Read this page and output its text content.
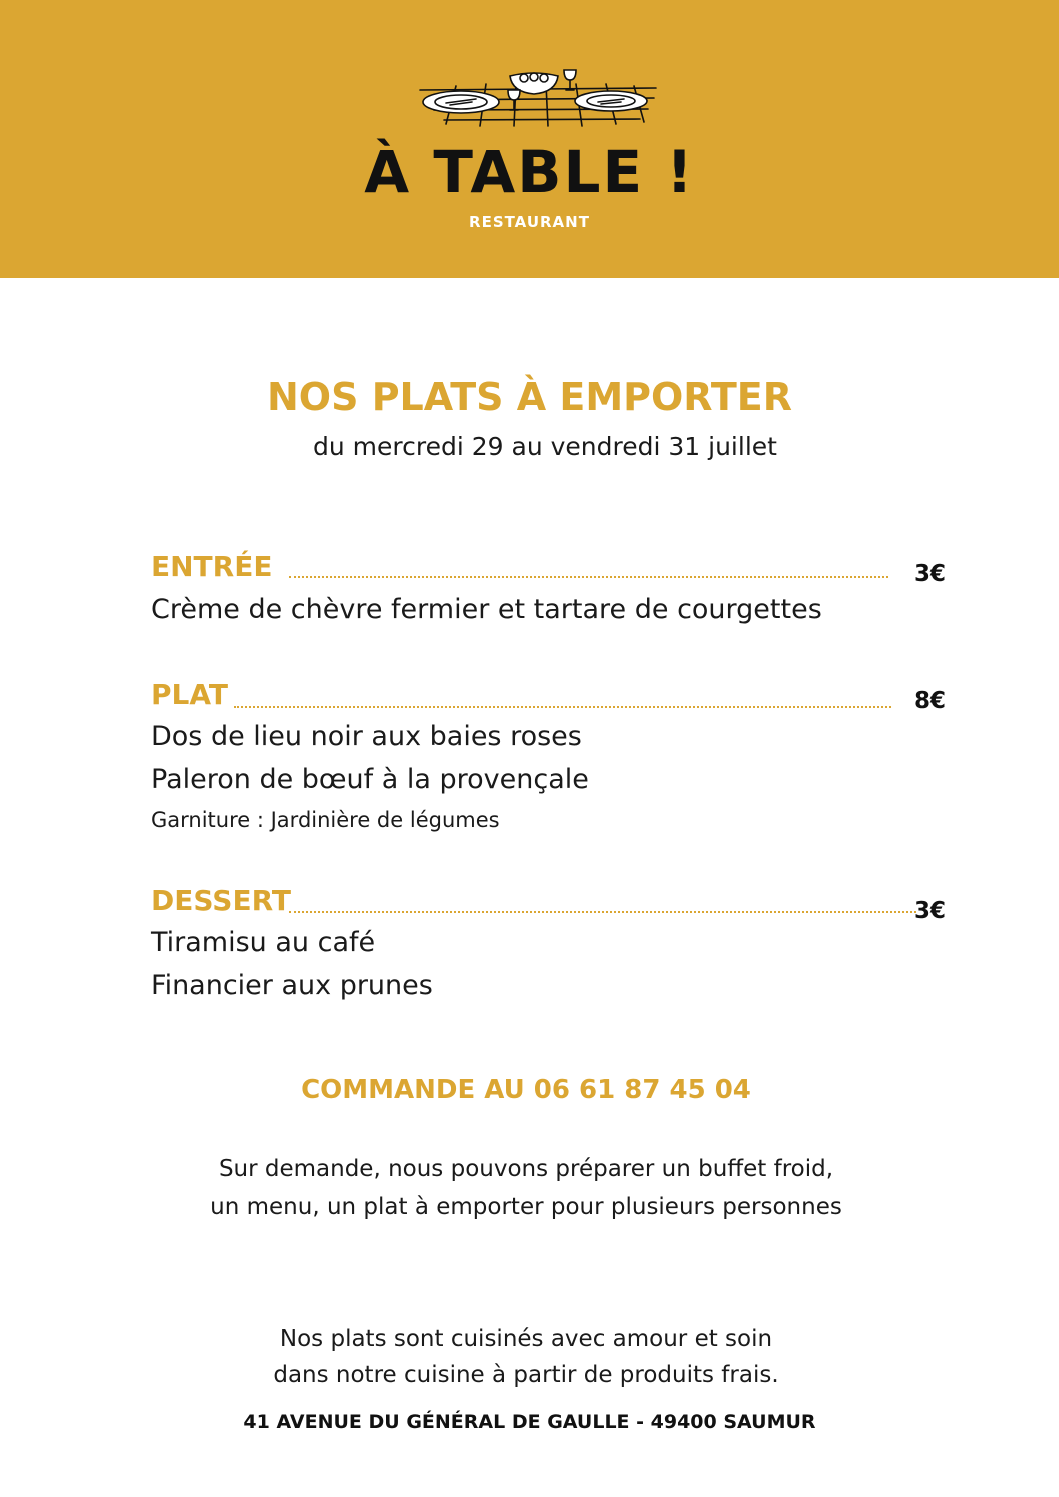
À TABLE !
RESTAURANT
NOS PLATS À EMPORTER
du mercredi 29 au vendredi 31 juillet
ENTRÉE	3€
Crème de chèvre fermier et tartare de courgettes
PLAT	8€
Dos de lieu noir aux baies roses
Paleron de bœuf à la provençale
Garniture : Jardinière de légumes
DESSERT	3€
Tiramisu au café
Financier aux prunes
COMMANDE AU 06 61 87 45 04
Sur demande, nous pouvons préparer un buffet froid,
un menu, un plat à emporter pour plusieurs personnes
Nos plats sont cuisinés avec amour et soin
dans notre cuisine à partir de produits frais.
41 AVENUE DU GÉNÉRAL DE GAULLE - 49400 SAUMUR
